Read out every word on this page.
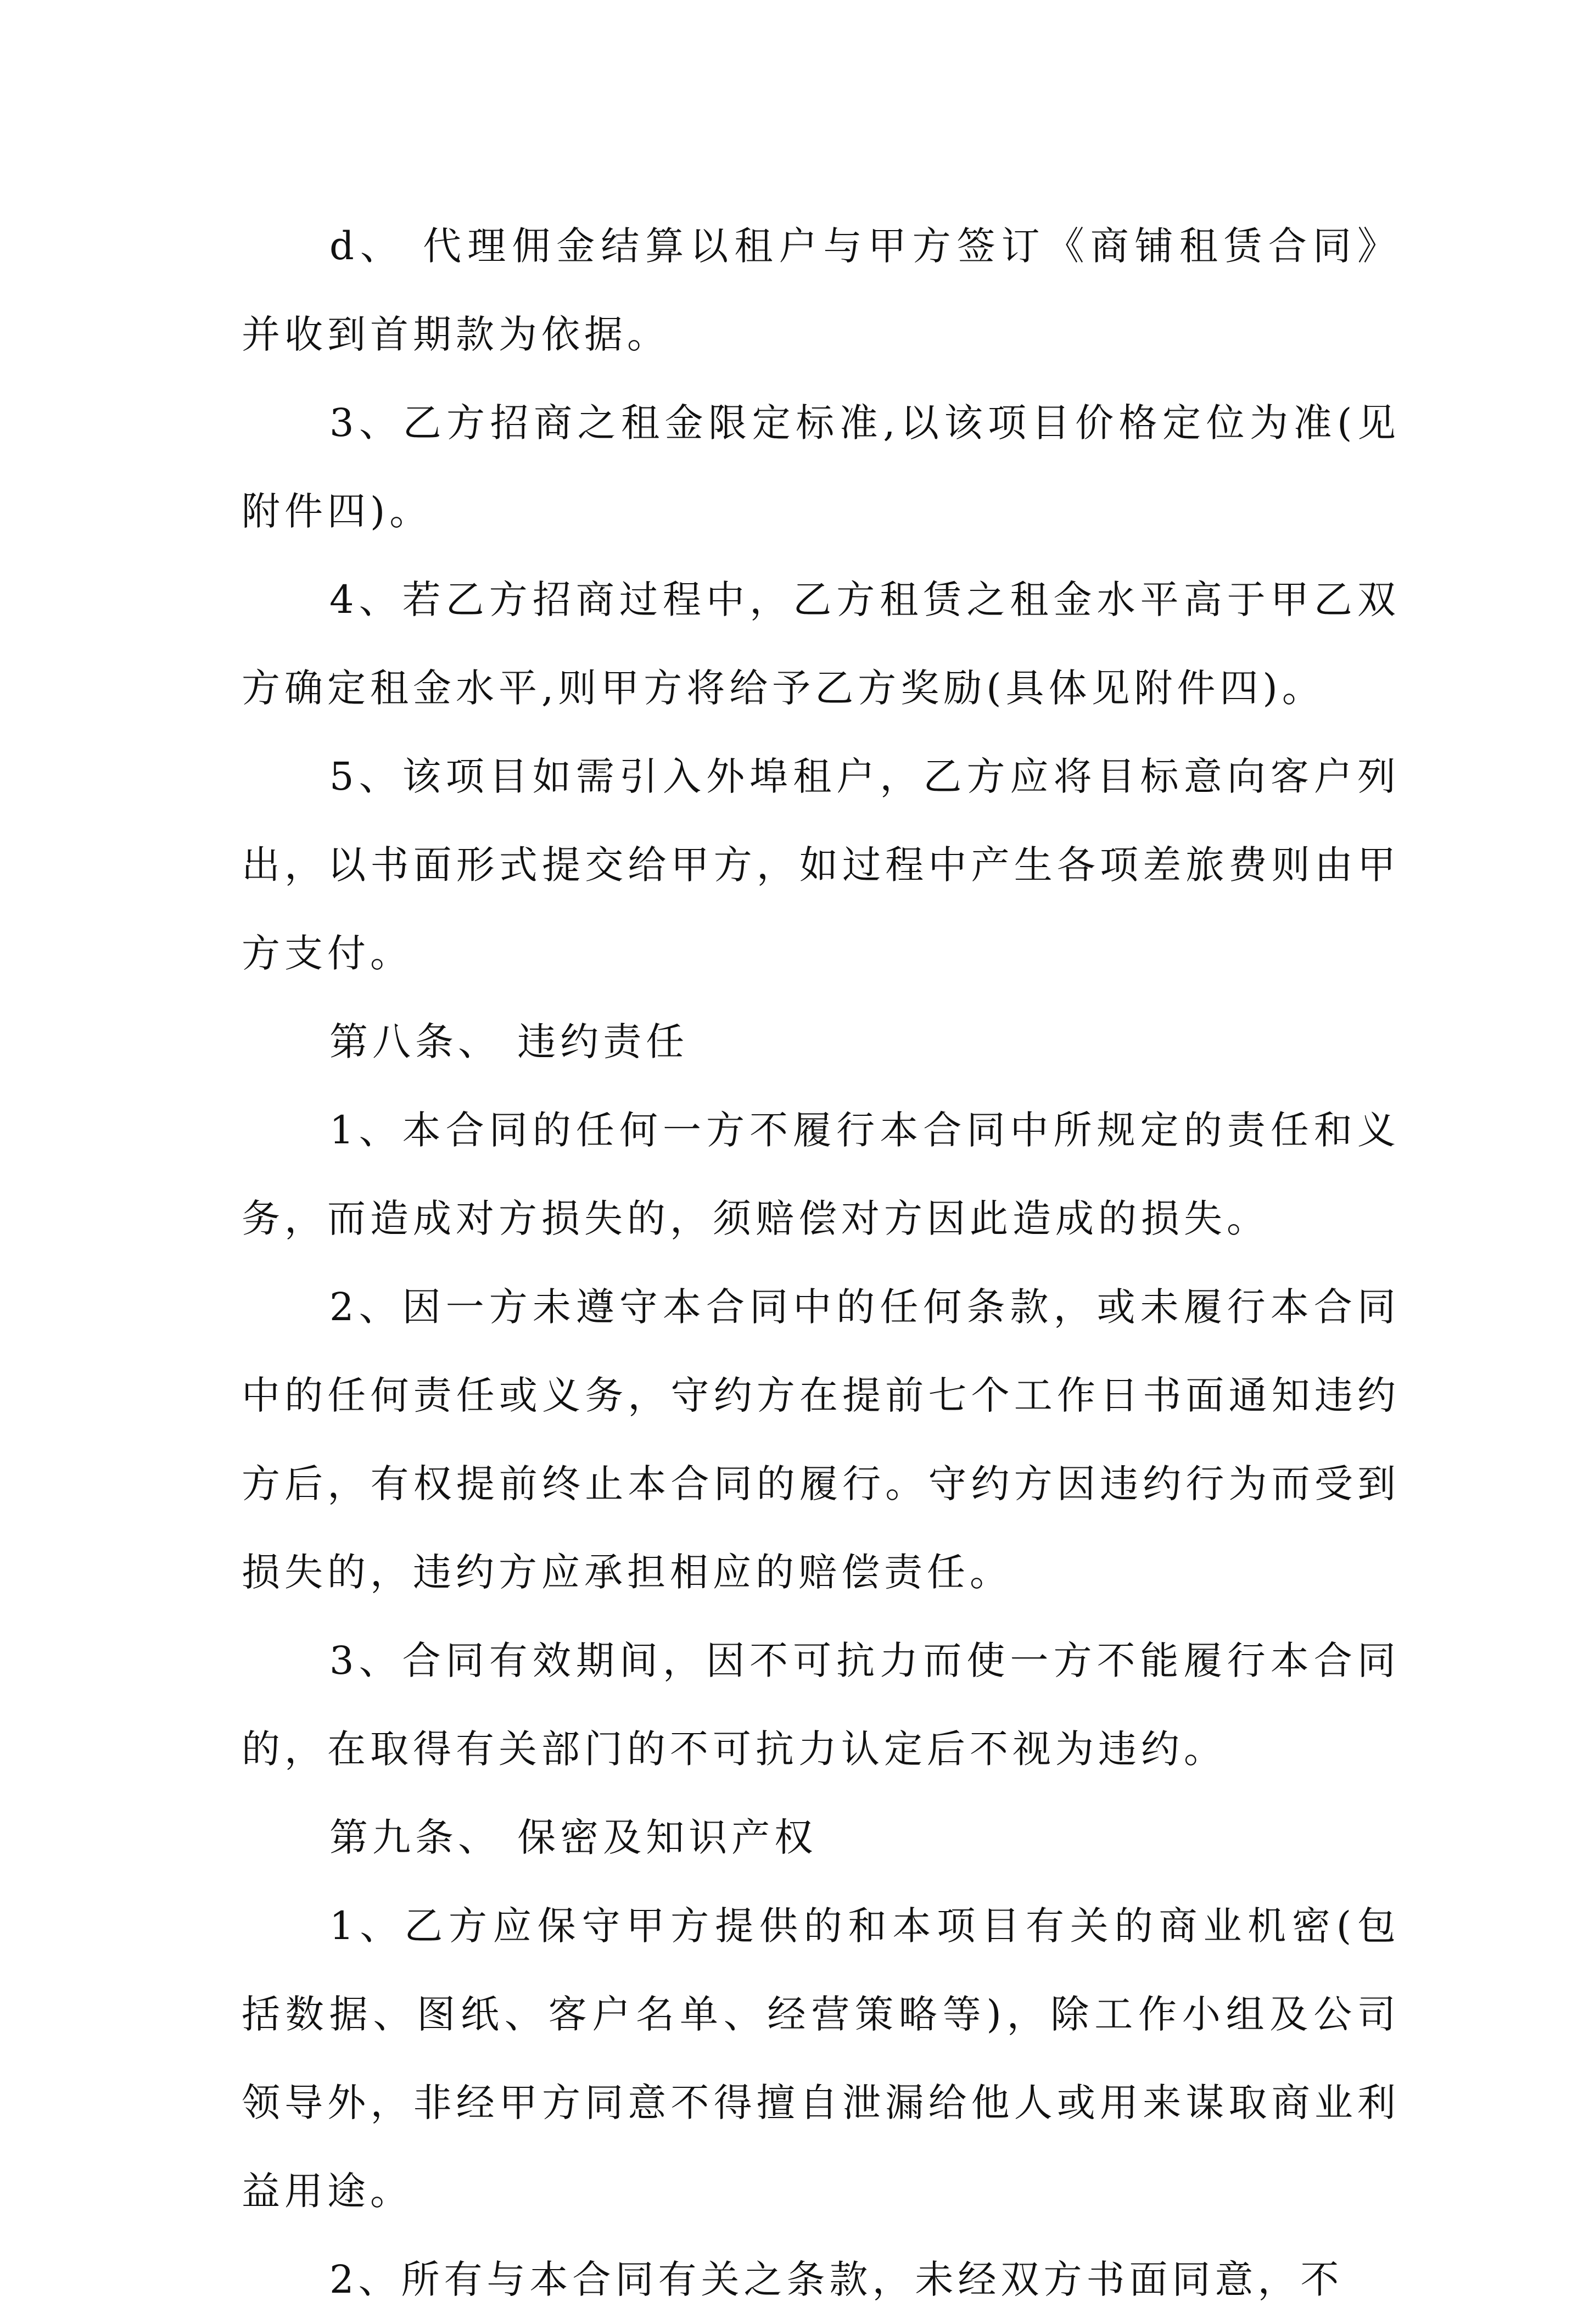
d、 代理佣金结算以租户与甲方签订《商铺租赁合同》并收到首期款为依据。

3、乙方招商之租金限定标准,以该项目价格定位为准(见附件四)。

4、若乙方招商过程中，乙方租赁之租金水平高于甲乙双方确定租金水平,则甲方将给予乙方奖励(具体见附件四)。

5、该项目如需引入外埠租户，乙方应将目标意向客户列出，以书面形式提交给甲方，如过程中产生各项差旅费则由甲方支付。

第八条、 违约责任

1、本合同的任何一方不履行本合同中所规定的责任和义务，而造成对方损失的，须赔偿对方因此造成的损失。

2、因一方未遵守本合同中的任何条款，或未履行本合同中的任何责任或义务，守约方在提前七个工作日书面通知违约方后，有权提前终止本合同的履行。守约方因违约行为而受到损失的，违约方应承担相应的赔偿责任。

3、合同有效期间，因不可抗力而使一方不能履行本合同的，在取得有关部门的不可抗力认定后不视为违约。

第九条、 保密及知识产权

1、乙方应保守甲方提供的和本项目有关的商业机密(包括数据、图纸、客户名单、经营策略等)，除工作小组及公司领导外，非经甲方同意不得擅自泄漏给他人或用来谋取商业利益用途。

2、所有与本合同有关之条款，未经双方书面同意，不
